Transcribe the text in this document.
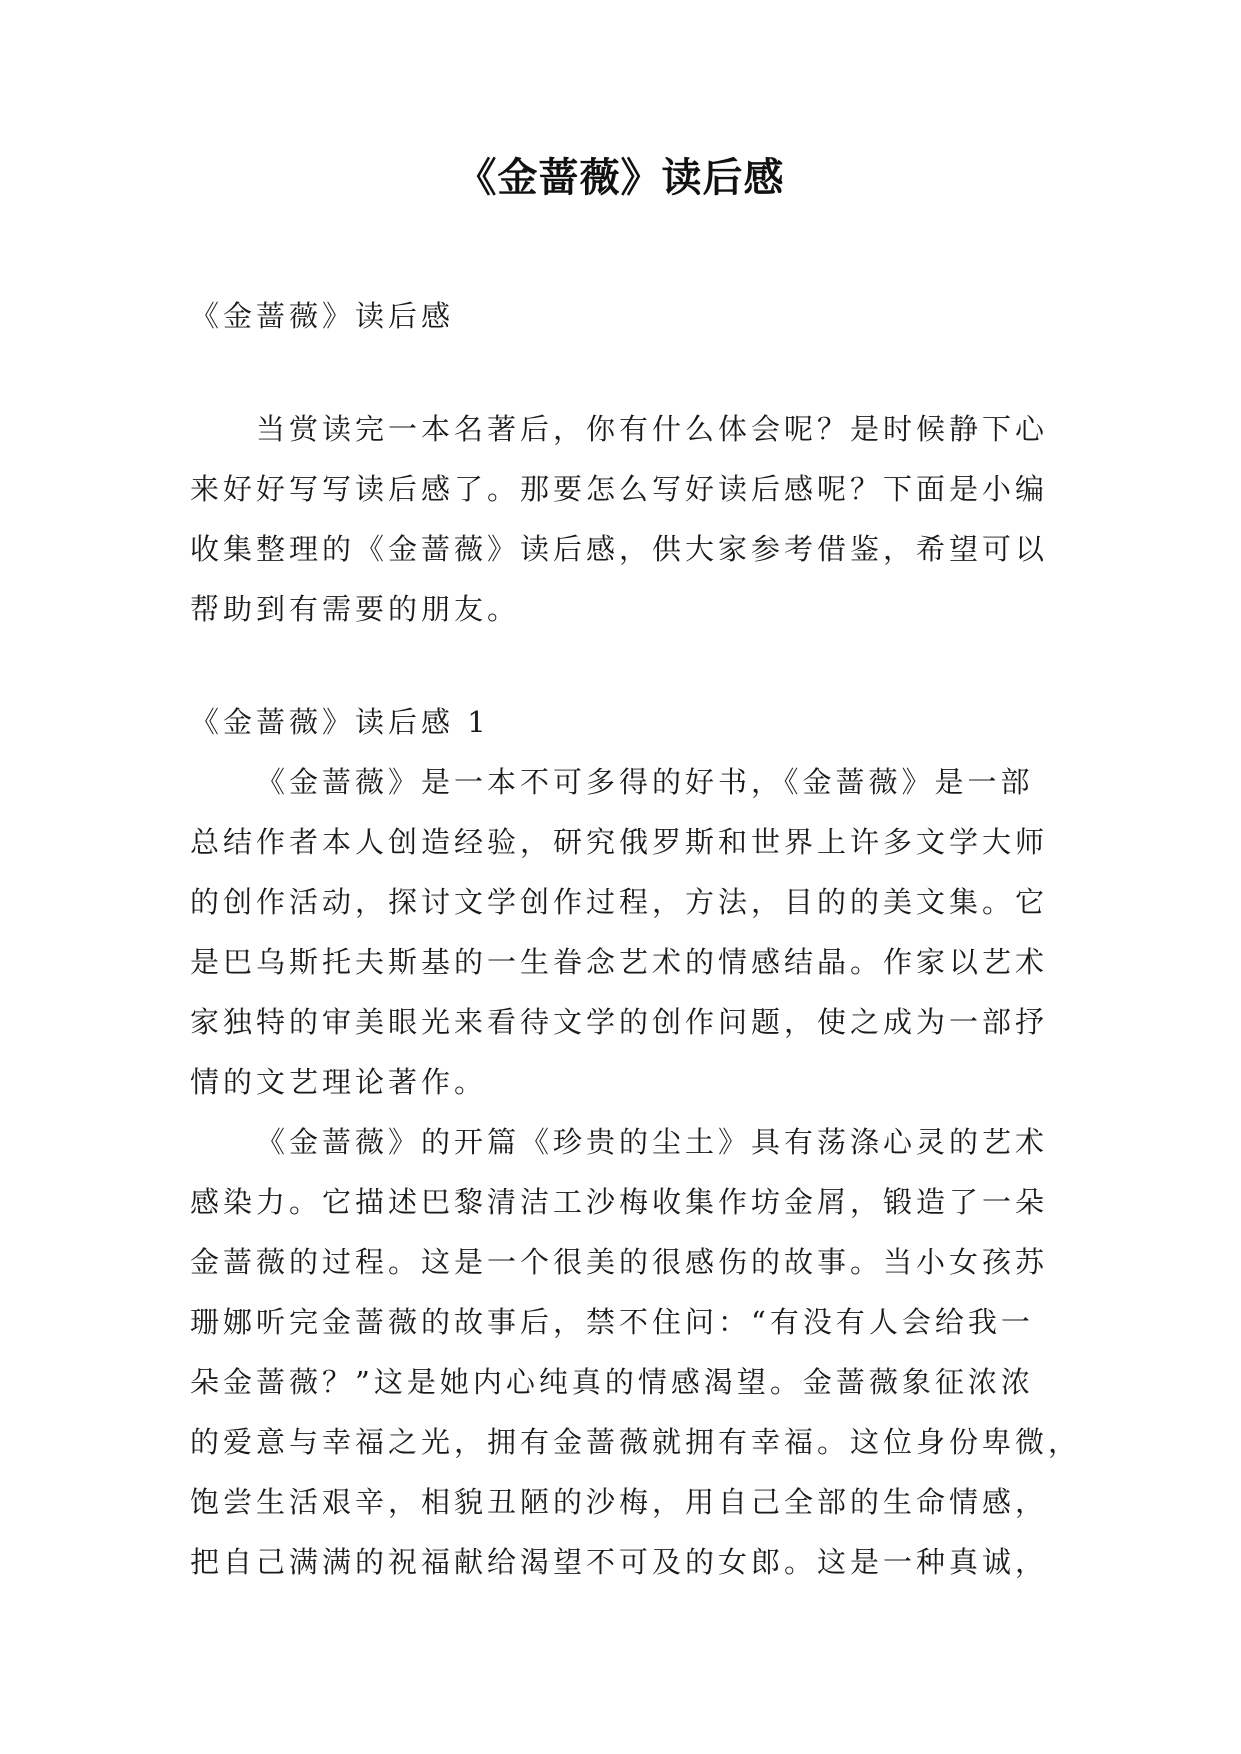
《金蔷薇》读后感
《金蔷薇》读后感
当赏读完一本名著后，你有什么体会呢？是时候静下心
来好好写写读后感了。那要怎么写好读后感呢？下面是小编
收集整理的《金蔷薇》读后感，供大家参考借鉴，希望可以
帮助到有需要的朋友。
《金蔷薇》读后感 1
《金蔷薇》是一本不可多得的好书，《金蔷薇》是一部
总结作者本人创造经验，研究俄罗斯和世界上许多文学大师
的创作活动，探讨文学创作过程，方法，目的的美文集。它
是巴乌斯托夫斯基的一生眷念艺术的情感结晶。作家以艺术
家独特的审美眼光来看待文学的创作问题，使之成为一部抒
情的文艺理论著作。
《金蔷薇》的开篇《珍贵的尘土》具有荡涤心灵的艺术
感染力。它描述巴黎清洁工沙梅收集作坊金屑，锻造了一朵
金蔷薇的过程。这是一个很美的很感伤的故事。当小女孩苏
珊娜听完金蔷薇的故事后，禁不住问：“有没有人会给我一
朵金蔷薇？”这是她内心纯真的情感渴望。金蔷薇象征浓浓
的爱意与幸福之光，拥有金蔷薇就拥有幸福。这位身份卑微，
饱尝生活艰辛，相貌丑陋的沙梅，用自己全部的生命情感，
把自己满满的祝福献给渴望不可及的女郎。这是一种真诚，
